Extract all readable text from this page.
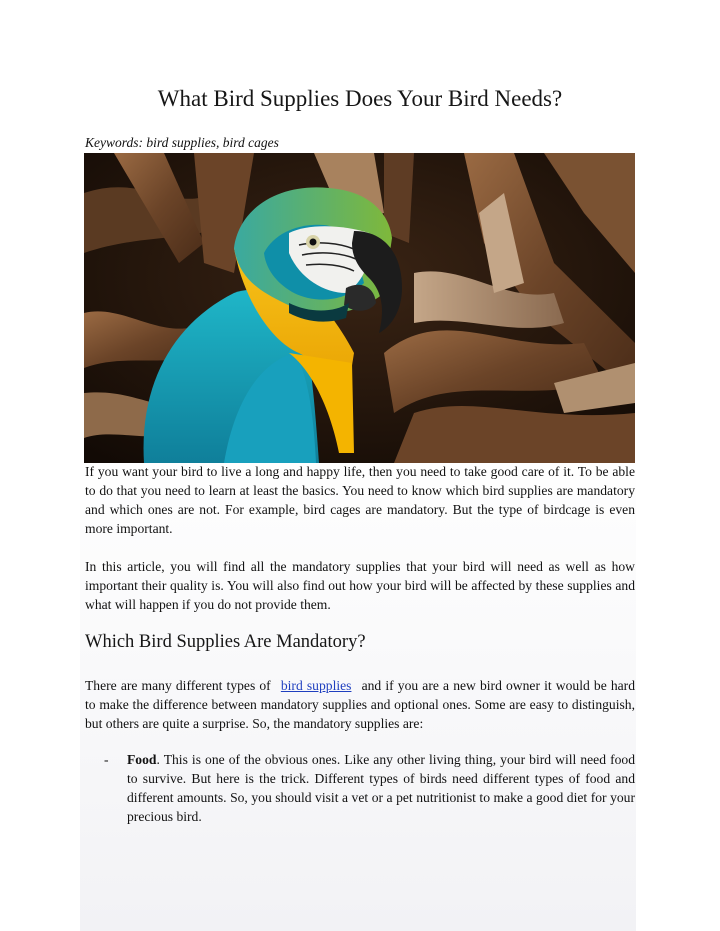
What Bird Supplies Does Your Bird Needs?

Keywords: bird supplies, bird cages

If you want your bird to live a long and happy life, then you need to take good care of it. To be able to do that you need to learn at least the basics. You need to know which bird supplies are mandatory and which ones are not. For example, bird cages are mandatory. But the type of birdcage is even more important.

In this article, you will find all the mandatory supplies that your bird will need as well as how important their quality is. You will also find out how your bird will be affected by these supplies and what will happen if you do not provide them.

Which Bird Supplies Are Mandatory?

There are many different types of bird supplies and if you are a new bird owner it would be hard to make the difference between mandatory supplies and optional ones. Some are easy to distinguish, but others are quite a surprise. So, the mandatory supplies are:

- Food. This is one of the obvious ones. Like any other living thing, your bird will need food to survive. But here is the trick. Different types of birds need different types of food and different amounts. So, you should visit a vet or a pet nutritionist to make a good diet for your precious bird.
